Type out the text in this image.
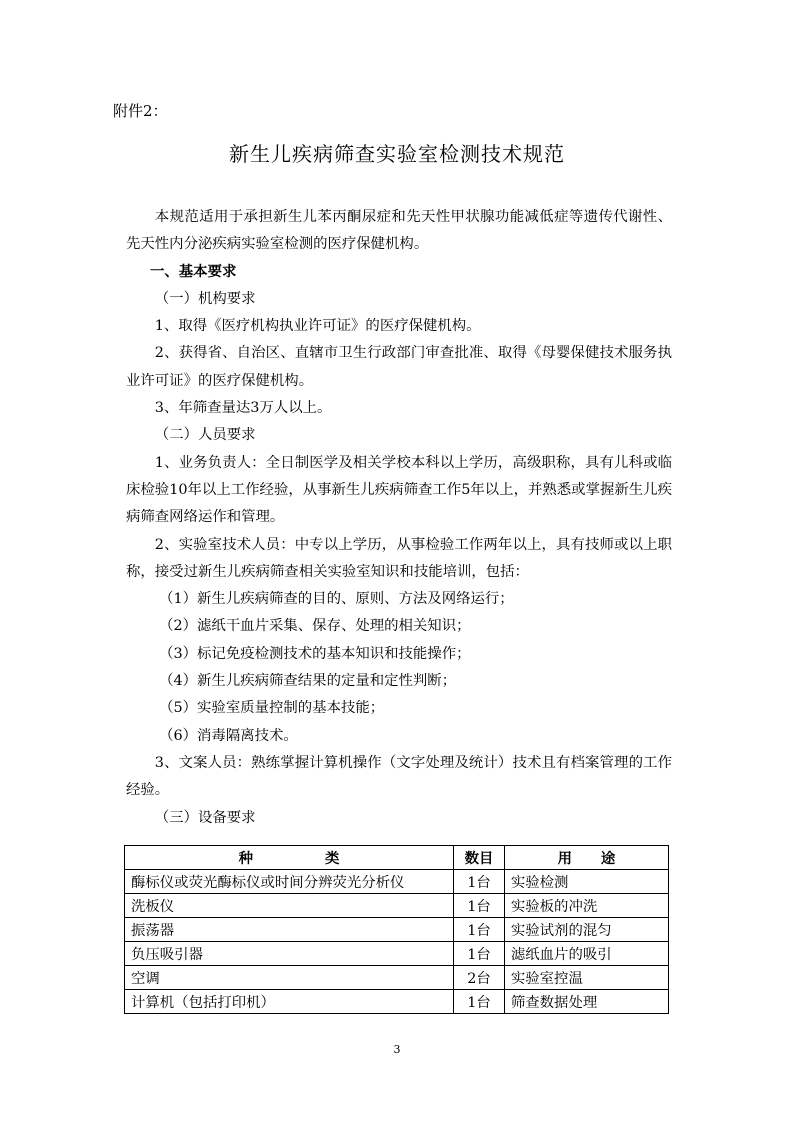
附件2：
新生儿疾病筛查实验室检测技术规范

本规范适用于承担新生儿苯丙酮尿症和先天性甲状腺功能减低症等遗传代谢性、先天性内分泌疾病实验室检测的医疗保健机构。

一、基本要求

（一）机构要求

1、取得《医疗机构执业许可证》的医疗保健机构。

2、获得省、自治区、直辖市卫生行政部门审查批准、取得《母婴保健技术服务执业许可证》的医疗保健机构。

3、年筛查量达3万人以上。

（二）人员要求

1、业务负责人：全日制医学及相关学校本科以上学历，高级职称，具有儿科或临床检验10年以上工作经验，从事新生儿疾病筛查工作5年以上，并熟悉或掌握新生儿疾病筛查网络运作和管理。

2、实验室技术人员：中专以上学历，从事检验工作两年以上，具有技师或以上职称，接受过新生儿疾病筛查相关实验室知识和技能培训，包括：

（1）新生儿疾病筛查的目的、原则、方法及网络运行；

（2）滤纸干血片采集、保存、处理的相关知识；

（3）标记免疫检测技术的基本知识和技能操作；

（4）新生儿疾病筛查结果的定量和定性判断；

（5）实验室质量控制的基本技能；

（6）消毒隔离技术。

3、文案人员：熟练掌握计算机操作（文字处理及统计）技术且有档案管理的工作经验。

（三）设备要求

种　　　　　类	数目	用　　途
酶标仪或荧光酶标仪或时间分辨荧光分析仪	1台	实验检测
洗板仪	1台	实验板的冲洗
振荡器	1台	实验试剂的混匀
负压吸引器	1台	滤纸血片的吸引
空调	2台	实验室控温
计算机（包括打印机）	1台	筛查数据处理
3
